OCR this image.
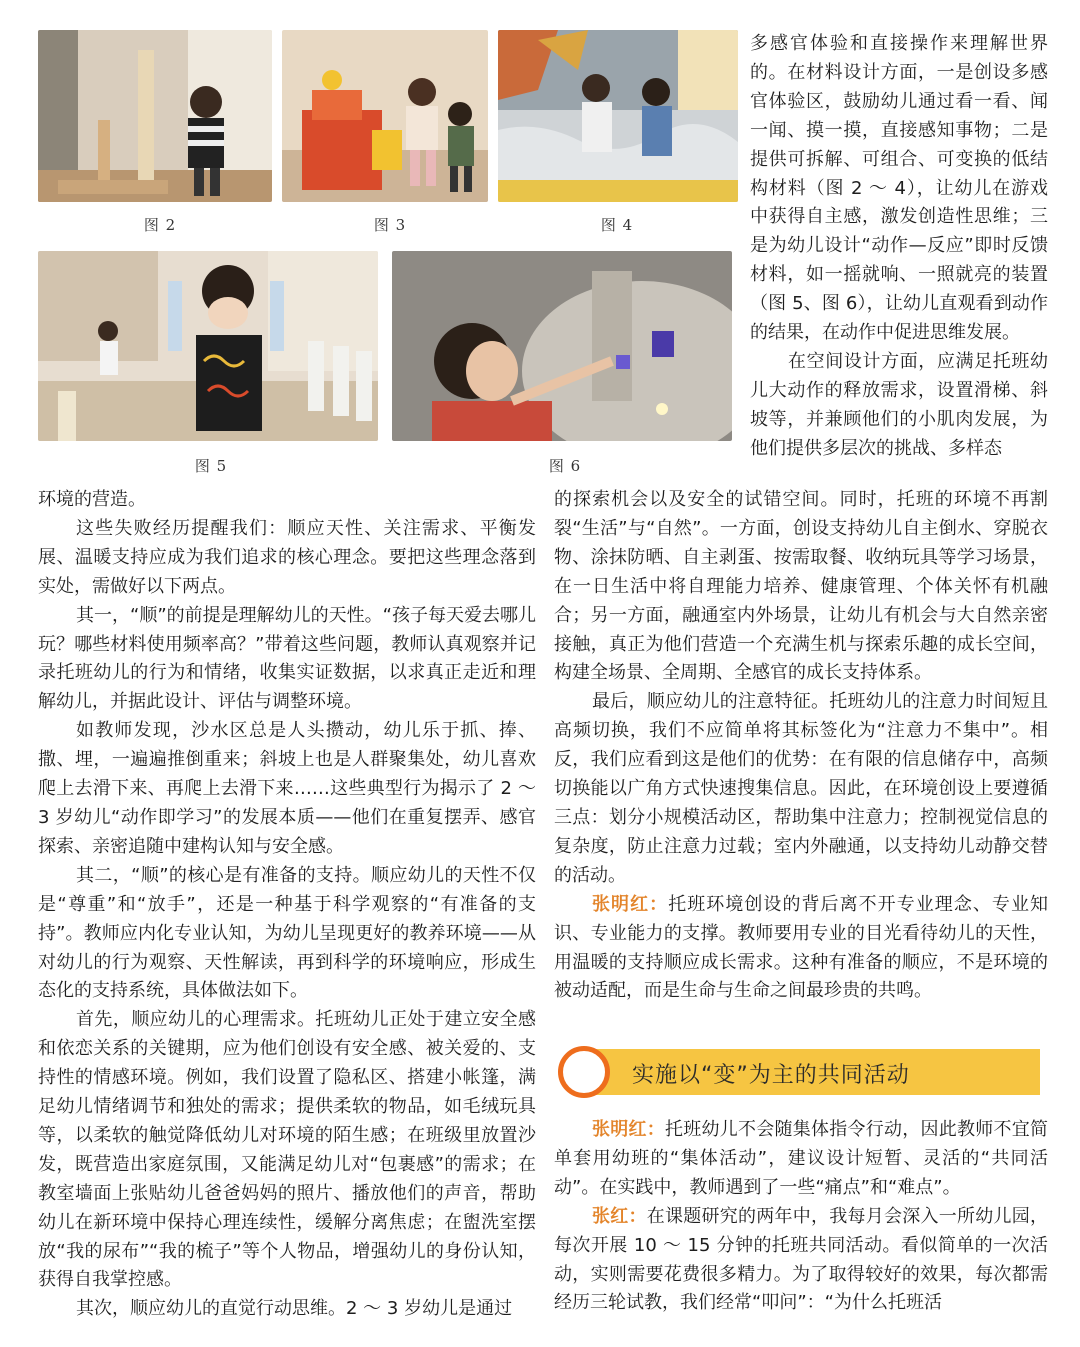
图 2	图 3	图 4
图 5	图 6

多感官体验和直接操作来理解世界的。在材料设计方面，一是创设多感官体验区，鼓励幼儿通过看一看、闻一闻、摸一摸，直接感知事物；二是提供可拆解、可组合、可变换的低结构材料（图 2 ～ 4），让幼儿在游戏中获得自主感，激发创造性思维；三是为幼儿设计“动作—反应”即时反馈材料，如一摇就响、一照就亮的装置（图 5、图 6），让幼儿直观看到动作的结果，在动作中促进思维发展。

在空间设计方面，应满足托班幼儿大动作的释放需求，设置滑梯、斜坡等，并兼顾他们的小肌肉发展，为他们提供多层次的挑战、多样态

环境的营造。

这些失败经历提醒我们：顺应天性、关注需求、平衡发展、温暖支持应成为我们追求的核心理念。要把这些理念落到实处，需做好以下两点。

其一，“顺”的前提是理解幼儿的天性。“孩子每天爱去哪儿玩？哪些材料使用频率高？”带着这些问题，教师认真观察并记录托班幼儿的行为和情绪，收集实证数据，以求真正走近和理解幼儿，并据此设计、评估与调整环境。

如教师发现，沙水区总是人头攒动，幼儿乐于抓、捧、撒、埋，一遍遍推倒重来；斜坡上也是人群聚集处，幼儿喜欢爬上去滑下来、再爬上去滑下来……这些典型行为揭示了 2 ～ 3 岁幼儿“动作即学习”的发展本质——他们在重复摆弄、感官探索、亲密追随中建构认知与安全感。

其二，“顺”的核心是有准备的支持。顺应幼儿的天性不仅是“尊重”和“放手”，还是一种基于科学观察的“有准备的支持”。教师应内化专业认知，为幼儿呈现更好的教养环境——从对幼儿的行为观察、天性解读，再到科学的环境响应，形成生态化的支持系统，具体做法如下。

首先，顺应幼儿的心理需求。托班幼儿正处于建立安全感和依恋关系的关键期，应为他们创设有安全感、被关爱的、支持性的情感环境。例如，我们设置了隐私区、搭建小帐篷，满足幼儿情绪调节和独处的需求；提供柔软的物品，如毛绒玩具等，以柔软的触觉降低幼儿对环境的陌生感；在班级里放置沙发，既营造出家庭氛围，又能满足幼儿对“包裹感”的需求；在教室墙面上张贴幼儿爸爸妈妈的照片、播放他们的声音，帮助幼儿在新环境中保持心理连续性，缓解分离焦虑；在盥洗室摆放“我的尿布”“我的梳子”等个人物品，增强幼儿的身份认知，获得自我掌控感。

其次，顺应幼儿的直觉行动思维。2 ～ 3 岁幼儿是通过

的探索机会以及安全的试错空间。同时，托班的环境不再割裂“生活”与“自然”。一方面，创设支持幼儿自主倒水、穿脱衣物、涂抹防晒、自主剥蛋、按需取餐、收纳玩具等学习场景，在一日生活中将自理能力培养、健康管理、个体关怀有机融合；另一方面，融通室内外场景，让幼儿有机会与大自然亲密接触，真正为他们营造一个充满生机与探索乐趣的成长空间，构建全场景、全周期、全感官的成长支持体系。

最后，顺应幼儿的注意特征。托班幼儿的注意力时间短且高频切换，我们不应简单将其标签化为“注意力不集中”。相反，我们应看到这是他们的优势：在有限的信息储存中，高频切换能以广角方式快速搜集信息。因此，在环境创设上要遵循三点：划分小规模活动区，帮助集中注意力；控制视觉信息的复杂度，防止注意力过载；室内外融通，以支持幼儿动静交替的活动。

张明红：托班环境创设的背后离不开专业理念、专业知识、专业能力的支撑。教师要用专业的目光看待幼儿的天性，用温暖的支持顺应成长需求。这种有准备的顺应，不是环境的被动适配，而是生命与生命之间最珍贵的共鸣。

实施以“变”为主的共同活动

张明红：托班幼儿不会随集体指令行动，因此教师不宜简单套用幼班的“集体活动”，建议设计短暂、灵活的“共同活动”。在实践中，教师遇到了一些“痛点”和“难点”。

张红：在课题研究的两年中，我每月会深入一所幼儿园，每次开展 10 ～ 15 分钟的托班共同活动。看似简单的一次活动，实则需要花费很多精力。为了取得较好的效果，每次都需经历三轮试教，我们经常“叩问”：“为什么托班活
